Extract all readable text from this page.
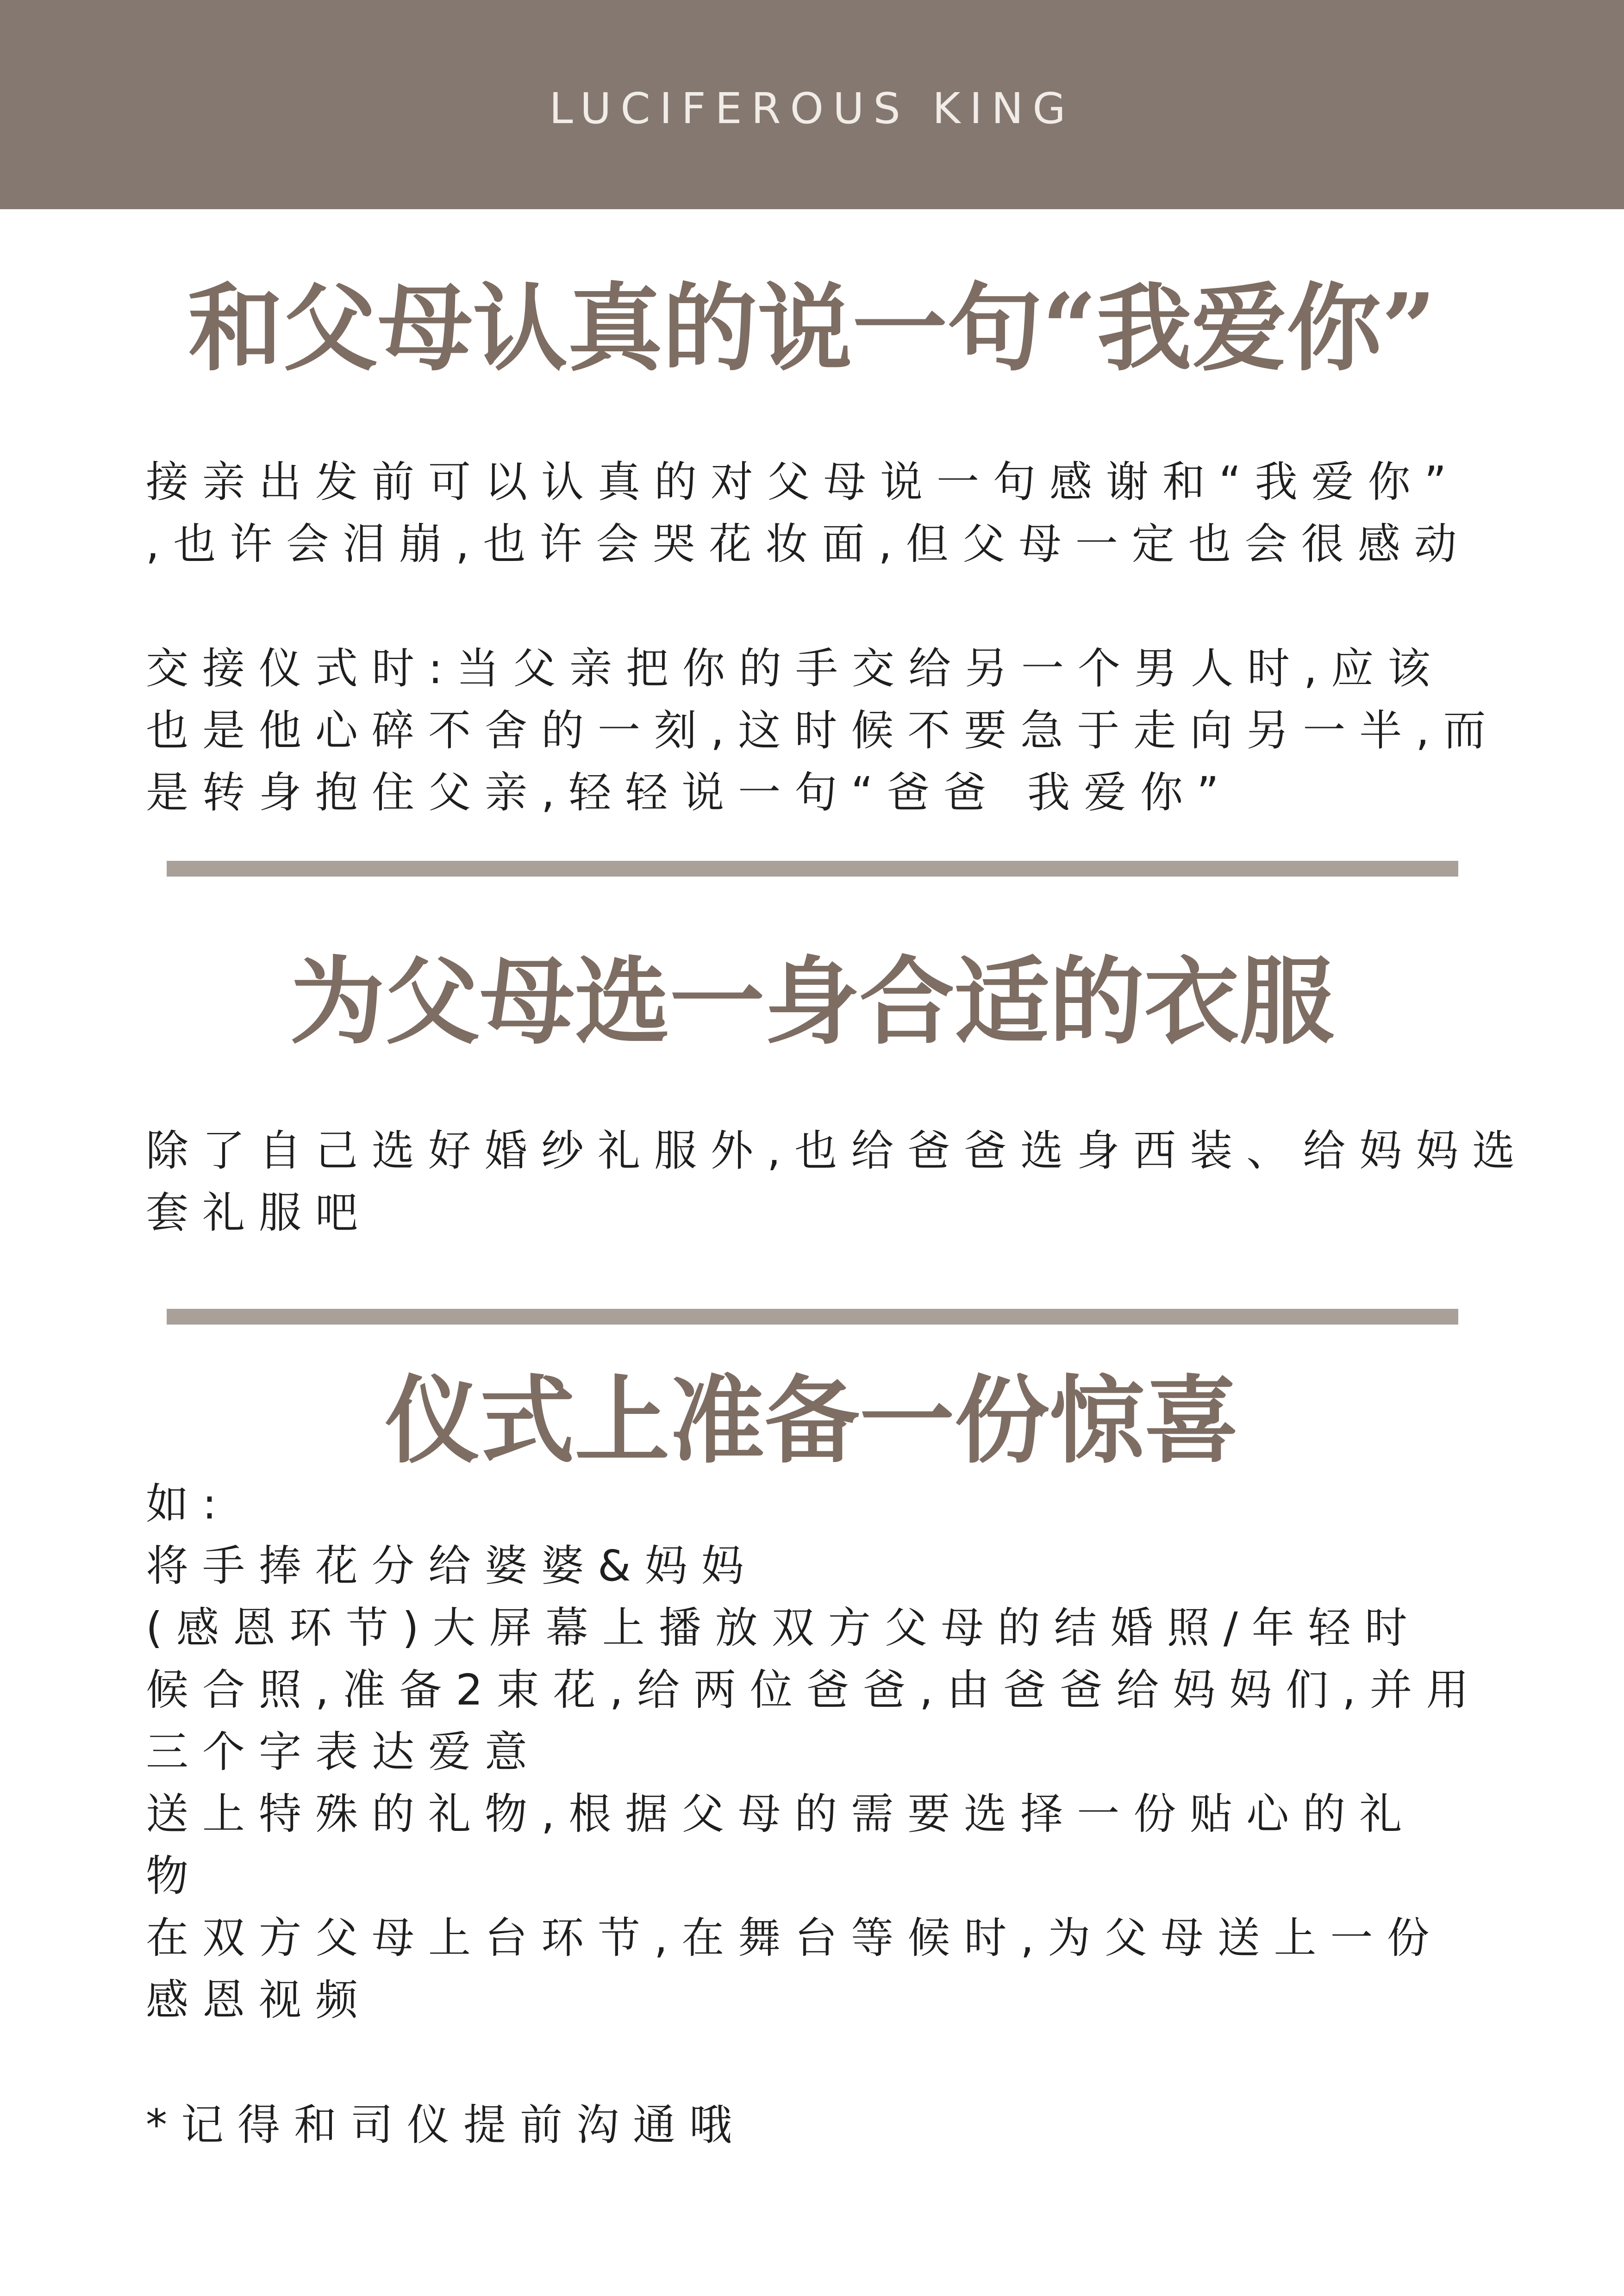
LUCIFEROUS KING
和父母认真的说一句“我爱你”
接亲出发前可以认真的对父母说一句感谢和“我爱你”
,也许会泪崩,也许会哭花妆面,但父母一定也会很感动
交接仪式时:当父亲把你的手交给另一个男人时,应该
也是他心碎不舍的一刻,这时候不要急于走向另一半,而
是转身抱住父亲,轻轻说一句“爸爸 我爱你”
为父母选一身合适的衣服
除了自己选好婚纱礼服外,也给爸爸选身西装、给妈妈选
套礼服吧
仪式上准备一份惊喜
如:
将手捧花分给婆婆&妈妈
(感恩环节)大屏幕上播放双方父母的结婚照/年轻时
候合照,准备2束花,给两位爸爸,由爸爸给妈妈们,并用
三个字表达爱意
送上特殊的礼物,根据父母的需要选择一份贴心的礼
物
在双方父母上台环节,在舞台等候时,为父母送上一份
感恩视频
*记得和司仪提前沟通哦
